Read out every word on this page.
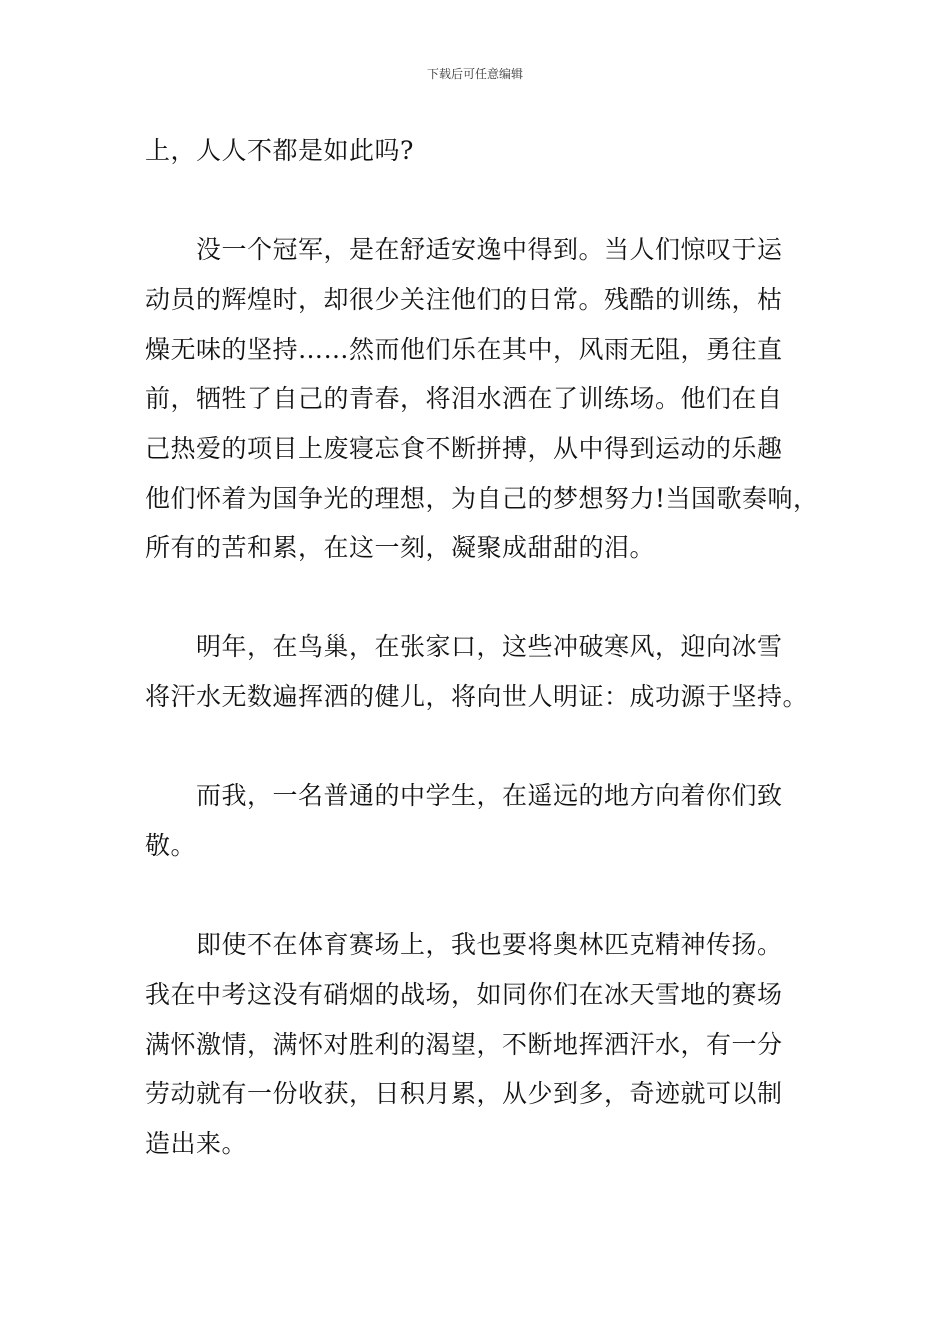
下载后可任意编辑
上，人人不都是如此吗?
　　没一个冠军，是在舒适安逸中得到。当人们惊叹于运
动员的辉煌时，却很少关注他们的日常。残酷的训练，枯
燥无味的坚持……然而他们乐在其中，风雨无阻，勇往直
前，牺牲了自己的青春，将泪水洒在了训练场。他们在自
己热爱的项目上废寝忘食不断拼搏，从中得到运动的乐趣
他们怀着为国争光的理想，为自己的梦想努力!当国歌奏响，
所有的苦和累，在这一刻，凝聚成甜甜的泪。
　　明年，在鸟巢，在张家口，这些冲破寒风，迎向冰雪
将汗水无数遍挥洒的健儿，将向世人明证：成功源于坚持。
　　而我，一名普通的中学生，在遥远的地方向着你们致
敬。
　　即使不在体育赛场上，我也要将奥林匹克精神传扬。
我在中考这没有硝烟的战场，如同你们在冰天雪地的赛场
满怀激情，满怀对胜利的渴望，不断地挥洒汗水，有一分
劳动就有一份收获，日积月累，从少到多，奇迹就可以制
造出来。
